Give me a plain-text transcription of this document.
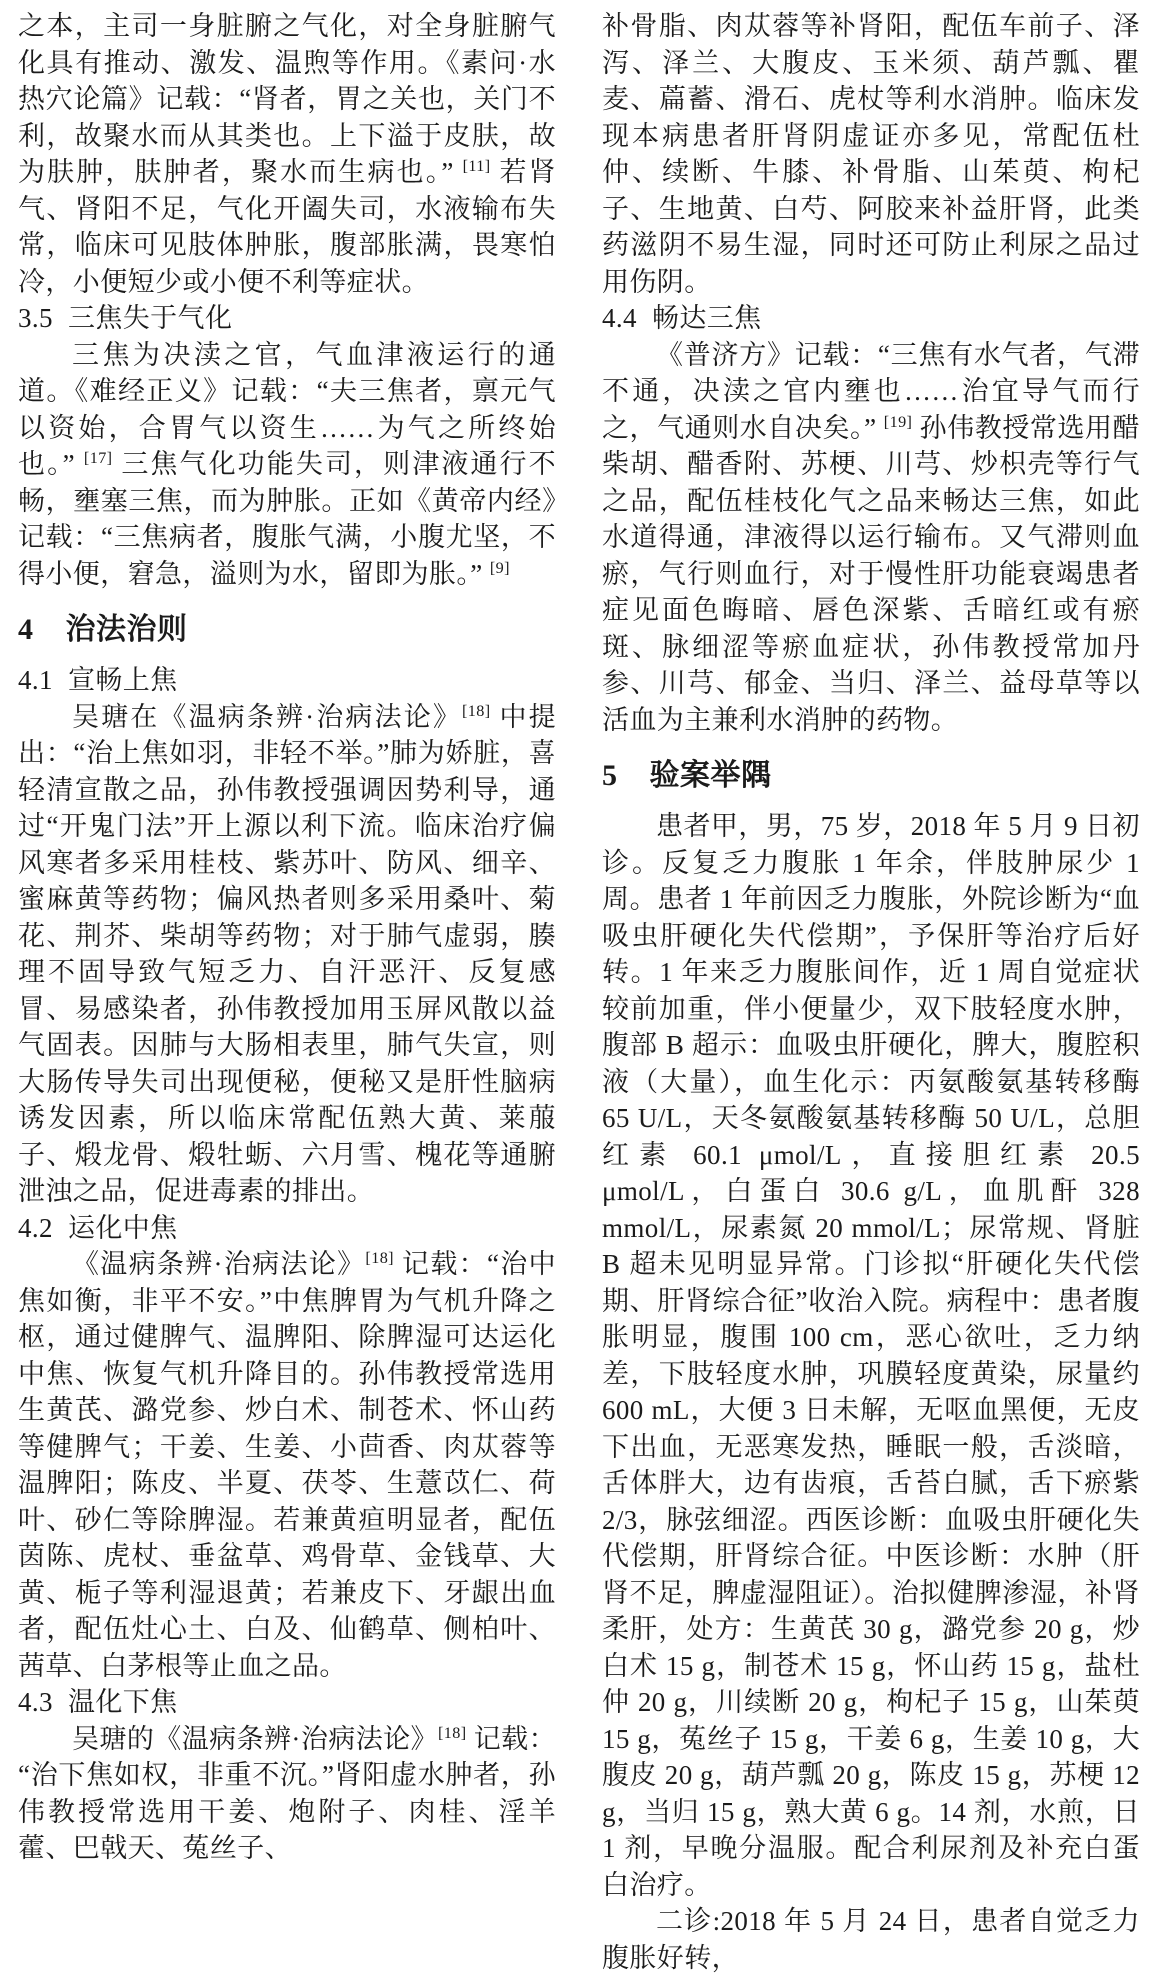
之本，主司一身脏腑之气化，对全身脏腑气化具有推动、激发、温煦等作用。《素问·水热穴论篇》记载：“肾者，胃之关也，关门不利，故聚水而从其类也。上下溢于皮肤，故为肤肿，肤肿者，聚水而生病也。” [11] 若肾气、肾阳不足，气化开阖失司，水液输布失常，临床可见肢体肿胀，腹部胀满，畏寒怕冷，小便短少或小便不利等症状。

3.5 三焦失于气化

三焦为决渎之官，气血津液运行的通道。《难经正义》记载：“夫三焦者，禀元气以资始，合胃气以资生……为气之所终始也。” [17] 三焦气化功能失司，则津液通行不畅，壅塞三焦，而为肿胀。正如《黄帝内经》记载：“三焦病者，腹胀气满，小腹尤坚，不得小便，窘急，溢则为水，留即为胀。” [9]

4 治法治则
4.1 宣畅上焦

吴瑭在《温病条辨·治病法论》[18] 中提出：“治上焦如羽，非轻不举。”肺为娇脏，喜轻清宣散之品，孙伟教授强调因势利导，通过“开鬼门法”开上源以利下流。临床治疗偏风寒者多采用桂枝、紫苏叶、防风、细辛、蜜麻黄等药物；偏风热者则多采用桑叶、菊花、荆芥、柴胡等药物；对于肺气虚弱，腠理不固导致气短乏力、自汗恶汗、反复感冒、易感染者，孙伟教授加用玉屏风散以益气固表。因肺与大肠相表里，肺气失宣，则大肠传导失司出现便秘，便秘又是肝性脑病诱发因素，所以临床常配伍熟大黄、莱菔子、煅龙骨、煅牡蛎、六月雪、槐花等通腑泄浊之品，促进毒素的排出。

4.2 运化中焦

《温病条辨·治病法论》[18] 记载：“治中焦如衡，非平不安。”中焦脾胃为气机升降之枢，通过健脾气、温脾阳、除脾湿可达运化中焦、恢复气机升降目的。孙伟教授常选用生黄芪、潞党参、炒白术、制苍术、怀山药等健脾气；干姜、生姜、小茴香、肉苁蓉等温脾阳；陈皮、半夏、茯苓、生薏苡仁、荷叶、砂仁等除脾湿。若兼黄疸明显者，配伍茵陈、虎杖、垂盆草、鸡骨草、金钱草、大黄、栀子等利湿退黄；若兼皮下、牙龈出血者，配伍灶心土、白及、仙鹤草、侧柏叶、茜草、白茅根等止血之品。

4.3 温化下焦

吴瑭的《温病条辨·治病法论》[18] 记载：“治下焦如权，非重不沉。”肾阳虚水肿者，孙伟教授常选用干姜、炮附子、肉桂、淫羊藿、巴戟天、菟丝子、

补骨脂、肉苁蓉等补肾阳，配伍车前子、泽泻、泽兰、大腹皮、玉米须、葫芦瓢、瞿麦、萹蓄、滑石、虎杖等利水消肿。临床发现本病患者肝肾阴虚证亦多见，常配伍杜仲、续断、牛膝、补骨脂、山茱萸、枸杞子、生地黄、白芍、阿胶来补益肝肾，此类药滋阴不易生湿，同时还可防止利尿之品过用伤阴。

4.4 畅达三焦

《普济方》记载：“三焦有水气者，气滞不通，决渎之官内壅也……治宜导气而行之，气通则水自决矣。” [19] 孙伟教授常选用醋柴胡、醋香附、苏梗、川芎、炒枳壳等行气之品，配伍桂枝化气之品来畅达三焦，如此水道得通，津液得以运行输布。又气滞则血瘀，气行则血行，对于慢性肝功能衰竭患者症见面色晦暗、唇色深紫、舌暗红或有瘀斑、脉细涩等瘀血症状，孙伟教授常加丹参、川芎、郁金、当归、泽兰、益母草等以活血为主兼利水消肿的药物。

5 验案举隅

患者甲，男，75 岁，2018 年 5 月 9 日初诊。反复乏力腹胀 1 年余，伴肢肿尿少 1 周。患者 1 年前因乏力腹胀，外院诊断为“血吸虫肝硬化失代偿期”，予保肝等治疗后好转。1 年来乏力腹胀间作，近 1 周自觉症状较前加重，伴小便量少，双下肢轻度水肿，腹部 B 超示：血吸虫肝硬化，脾大，腹腔积液（大量），血生化示：丙氨酸氨基转移酶 65 U/L，天冬氨酸氨基转移酶 50 U/L，总胆红素 60.1 μmol/L，直接胆红素 20.5 μmol/L，白蛋白 30.6 g/L，血肌酐 328 mmol/L，尿素氮 20 mmol/L；尿常规、肾脏 B 超未见明显异常。门诊拟“肝硬化失代偿期、肝肾综合征”收治入院。病程中：患者腹胀明显，腹围 100 cm，恶心欲吐，乏力纳差，下肢轻度水肿，巩膜轻度黄染，尿量约 600 mL，大便 3 日未解，无呕血黑便，无皮下出血，无恶寒发热，睡眠一般，舌淡暗，舌体胖大，边有齿痕，舌苔白腻，舌下瘀紫 2/3，脉弦细涩。西医诊断：血吸虫肝硬化失代偿期，肝肾综合征。中医诊断：水肿（肝肾不足，脾虚湿阻证）。治拟健脾渗湿，补肾柔肝，处方：生黄芪 30 g，潞党参 20 g，炒白术 15 g，制苍术 15 g，怀山药 15 g，盐杜仲 20 g，川续断 20 g，枸杞子 15 g，山茱萸 15 g，菟丝子 15 g，干姜 6 g，生姜 10 g，大腹皮 20 g，葫芦瓢 20 g，陈皮 15 g，苏梗 12 g，当归 15 g，熟大黄 6 g。14 剂，水煎，日 1 剂，早晚分温服。配合利尿剂及补充白蛋白治疗。

二诊:2018 年 5 月 24 日，患者自觉乏力腹胀好转，
